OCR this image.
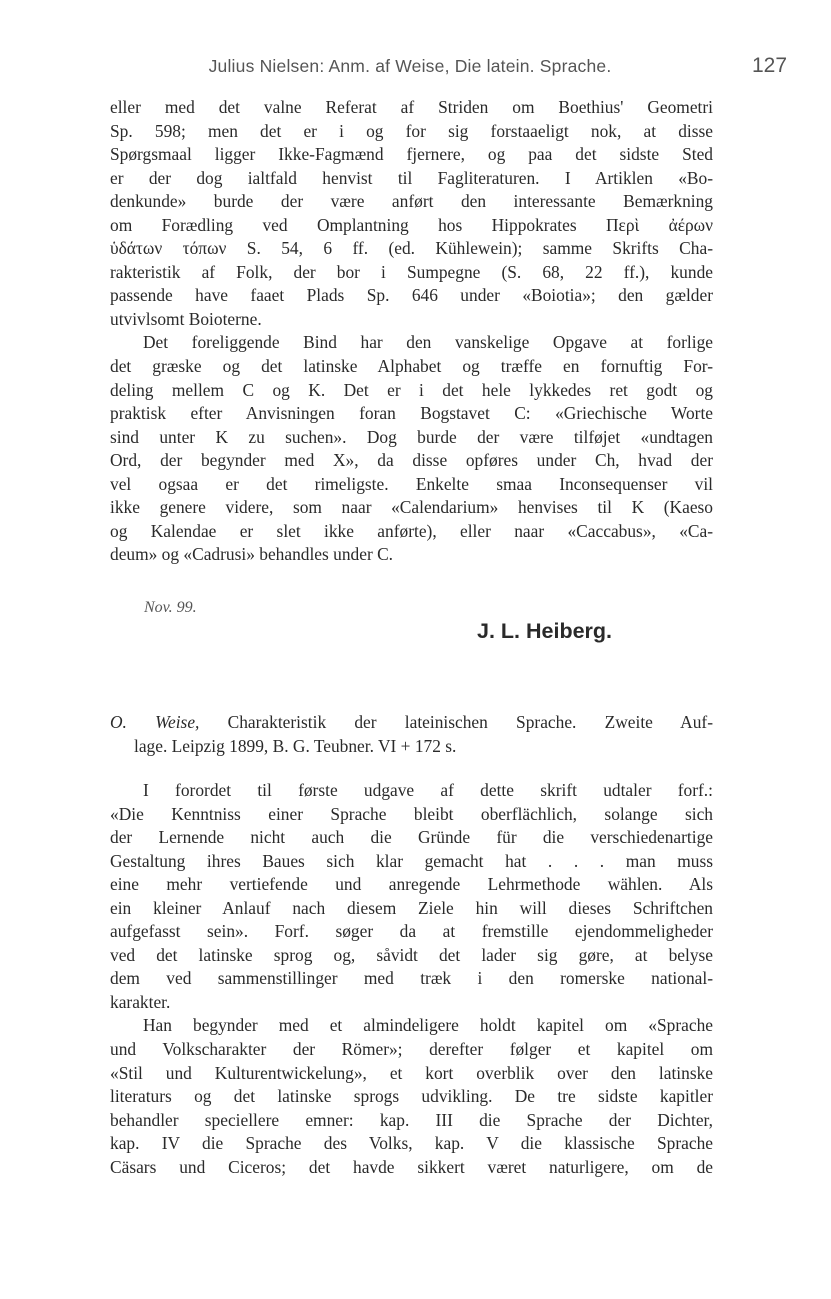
Julius Nielsen: Anm. af Weise, Die latein. Sprache.	127
eller med det valne Referat af Striden om Boethius' Geometri
Sp. 598; men det er i og for sig forstaaeligt nok, at disse
Spørgsmaal ligger Ikke-Fagmænd fjernere, og paa det sidste Sted
er der dog ialtfald henvist til Fagliteraturen. I Artiklen «Bo-
denkunde» burde der være anført den interessante Bemærkning
om Forædling ved Omplantning hos Hippokrates Περὶ ἀέρων
ὑδάτων τόπων S. 54, 6 ff. (ed. Kühlewein); samme Skrifts Cha-
rakteristik af Folk, der bor i Sumpegne (S. 68, 22 ff.), kunde
passende have faaet Plads Sp. 646 under «Boiotia»; den gælder
utvivlsomt Boioterne.
Det foreliggende Bind har den vanskelige Opgave at forlige
det græske og det latinske Alphabet og træffe en fornuftig For-
deling mellem C og K. Det er i det hele lykkedes ret godt og
praktisk efter Anvisningen foran Bogstavet C: «Griechische Worte
sind unter K zu suchen». Dog burde der være tilføjet «undtagen
Ord, der begynder med X», da disse opføres under Ch, hvad der
vel ogsaa er det rimeligste. Enkelte smaa Inconsequenser vil
ikke genere videre, som naar «Calendarium» henvises til K (Kaeso
og Kalendae er slet ikke anførte), eller naar «Caccabus», «Ca-
deum» og «Cadrusi» behandles under C.
Nov. 99.
J. L. Heiberg.
O. Weise, Charakteristik der lateinischen Sprache. Zweite Auf-
lage. Leipzig 1899, B. G. Teubner. VI + 172 s.
I forordet til første udgave af dette skrift udtaler forf.:
«Die Kenntniss einer Sprache bleibt oberflächlich, solange sich
der Lernende nicht auch die Gründe für die verschiedenartige
Gestaltung ihres Baues sich klar gemacht hat . . . man muss
eine mehr vertiefende und anregende Lehrmethode wählen. Als
ein kleiner Anlauf nach diesem Ziele hin will dieses Schriftchen
aufgefasst sein». Forf. søger da at fremstille ejendommeligheder
ved det latinske sprog og, såvidt det lader sig gøre, at belyse
dem ved sammenstillinger med træk i den romerske national-
karakter.
Han begynder med et almindeligere holdt kapitel om «Sprache
und Volkscharakter der Römer»; derefter følger et kapitel om
«Stil und Kulturentwickelung», et kort overblik over den latinske
literaturs og det latinske sprogs udvikling. De tre sidste kapitler
behandler speciellere emner: kap. III die Sprache der Dichter,
kap. IV die Sprache des Volks, kap. V die klassische Sprache
Cäsars und Ciceros; det havde sikkert været naturligere, om de
